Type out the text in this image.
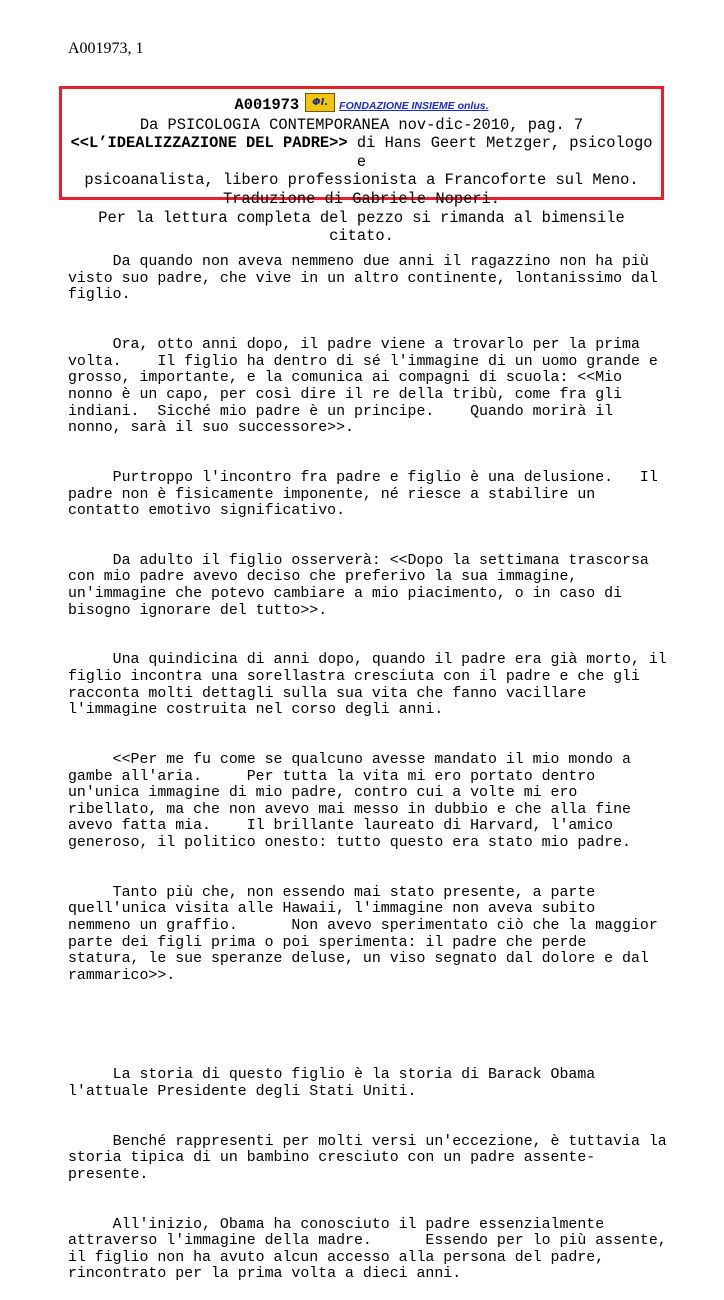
A001973, 1
A001973	ΦI.	FONDAZIONE INSIEME onlus.
Da PSICOLOGIA CONTEMPORANEA nov-dic-2010, pag. 7
<<L’IDEALIZZAZIONE DEL PADRE>> di Hans Geert Metzger, psicologo e
psicoanalista, libero professionista a Francoforte sul Meno.
Traduzione di Gabriele Noperi.
Per la lettura completa del pezzo si rimanda al bimensile citato.

Da quando non aveva nemmeno due anni il ragazzino non ha più
visto suo padre, che vive in un altro continente, lontanissimo dal
figlio.

Ora, otto anni dopo, il padre viene a trovarlo per la prima
volta.    Il figlio ha dentro di sé l'immagine di un uomo grande e
grosso, importante, e la comunica ai compagni di scuola: <<Mio
nonno è un capo, per così dire il re della tribù, come fra gli
indiani.  Sicché mio padre è un principe.    Quando morirà il
nonno, sarà il suo successore>>.

Purtroppo l'incontro fra padre e figlio è una delusione.   Il
padre non è fisicamente imponente, né riesce a stabilire un
contatto emotivo significativo.

Da adulto il figlio osserverà: <<Dopo la settimana trascorsa
con mio padre avevo deciso che preferivo la sua immagine,
un'immagine che potevo cambiare a mio piacimento, o in caso di
bisogno ignorare del tutto>>.

Una quindicina di anni dopo, quando il padre era già morto, il
figlio incontra una sorellastra cresciuta con il padre e che gli
racconta molti dettagli sulla sua vita che fanno vacillare
l'immagine costruita nel corso degli anni.

<<Per me fu come se qualcuno avesse mandato il mio mondo a
gambe all'aria.     Per tutta la vita mi ero portato dentro
un'unica immagine di mio padre, contro cui a volte mi ero
ribellato, ma che non avevo mai messo in dubbio e che alla fine
avevo fatta mia.    Il brillante laureato di Harvard, l'amico
generoso, il politico onesto: tutto questo era stato mio padre.

Tanto più che, non essendo mai stato presente, a parte
quell'unica visita alle Hawaii, l'immagine non aveva subito
nemmeno un graffio.      Non avevo sperimentato ciò che la maggior
parte dei figli prima o poi sperimenta: il padre che perde
statura, le sue speranze deluse, un viso segnato dal dolore e dal
rammarico>>.

La storia di questo figlio è la storia di Barack Obama
l'attuale Presidente degli Stati Uniti.

Benché rappresenti per molti versi un'eccezione, è tuttavia la
storia tipica di un bambino cresciuto con un padre assente-
presente.

All'inizio, Obama ha conosciuto il padre essenzialmente
attraverso l'immagine della madre.      Essendo per lo più assente,
il figlio non ha avuto alcun accesso alla persona del padre,
rincontrato per la prima volta a dieci anni.
